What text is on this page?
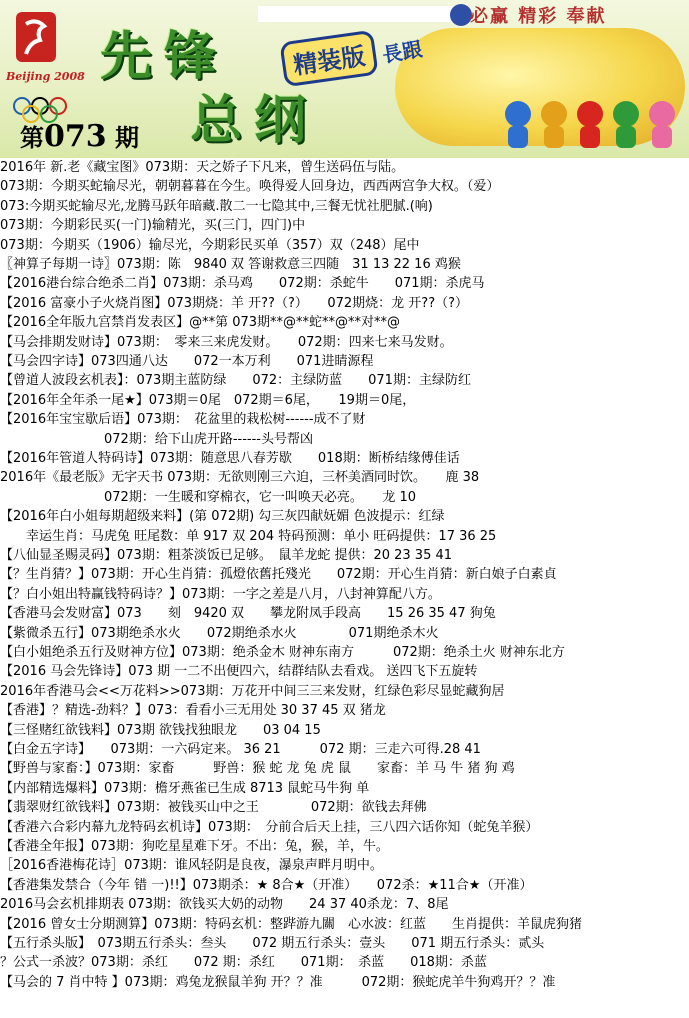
必赢 精彩 奉献
Beijing 2008 先锋
总纲
精装版
第073 期
長跟
2016年 新.老《藏宝图》073期：天之娇子下凡来，曾生送码伍与陆。
073期：今期买蛇输尽光，朝朝暮暮在今生。唤得爱人回身边，西西两宫争大权。（爱）
073:今期买蛇输尽光,龙腾马跃年暗藏.散二一七隐其中,三餐无忧社肥腻.(响)
073期：今期彩民买(一门)输精光，买(三门，四门)中
073期：今期买（1906）输尽光，今期彩民买单（357）双（248）尾中
〖神算子每期一诗〗073期：陈　9840 双 答谢救意三四随　31 13 22 16 鸡猴
【2016港台综合绝杀二肖】073期：杀马鸡　　072期：杀蛇牛　　071期：杀虎马
【2016 富豪小子火烧肖图】073期烧：羊 开??（?）　　072期烧：龙 开??（?）
【2016全年版九宫禁肖发表区】@**第 073期**@**蛇**@**对**@
【马会排期发财诗】073期：　零来三来虎发财。　　072期：四来七来马发财。
【马会四字诗】073四通八达　　072一本万利　　071进睛源程
【曾道人波段玄机表】：073期主蓝防绿　　072：主绿防蓝　　071期：主绿防红
【2016年全年杀一尾★】073期＝0尾　072期＝6尾，　　19期＝0尾，
【2016年宝宝歇后语】073期：　花盆里的栽松树------成不了财
　　　　　　　　072期：给下山虎开路------头号帮凶
【2016年管道人特码诗】073期：随意思八春芳歇　　018期：断桥结缘傅佳话
2016年《最老版》无字天书 073期：无欲则刚三六迫，三杯美酒同时饮。　　鹿 38
　　　　　　　　072期：一生暖和穿棉衣，它一叫唤天必亮。　　龙 10
【2016年白小姐每期超级来料】(第 072期) 勾三灰四献妩媚 色波提示：红绿
　　幸运生肖：马虎兔 旺尾数：单 917 双 204 特码预测：单小 旺码提供：17 36 25
【八仙显圣赐灵码】073期：粗茶淡饭已足够。　鼠羊龙蛇 提供：20 23 35 41
【？生肖猜？】073期：开心生肖猜：孤燈依舊托殘光　　072期：开心生肖猜：新白娘子白素貞
【？白小姐出特赢钱特码诗？】073期：一字之差是八月，八封神算配八方。
【香港马会发财富】073　　刻　9420 双　　攀龙附凤手段高　　15 26 35 47 狗兔
【紫微杀五行】073期绝杀水火　　072期绝杀水火　　　　071期绝杀木火
【白小姐绝杀五行及财神方位】073期：绝杀金木 财神东南方　　　072期：绝杀土火 财神东北方
【2016 马会先锋诗】073 期 一二不出便四六，结群结队去看戏。 送四飞下五旋转
2016年香港马会<<万花料>>073期：万花开中间三三来发财，红绿色彩尽显蛇藏狗居
【香港】？精选-劲料？】073：看看小三无用处 30 37 45 双 猪龙
【三怪赌红欲钱料】073期 欲钱找独眼龙　　03 04 15
【白金五字诗】　　073期：一六码定来。 36 21　　　072 期：三走六可得.28 41
【野兽与家畜：】073期：家畜　　　野兽：猴 蛇 龙 兔 虎 鼠　　家畜：羊 马 牛 猪 狗 鸡
【内部精选爆料】073期：檐牙燕雀已生成 8713 鼠蛇马牛狗 单
【翡翠财红欲钱料】073期：被钱买山中之王　　　　072期：欲钱去拜佛
【香港六合彩内幕九龙特码玄机诗】073期：　分前合后天上挂，三八四六话你知（蛇兔羊猴）
【香港全年报】073期：狗吃星星难下牙。不出：兔，猴，羊，牛。
［2016香港梅花诗］073期：谁风轻阴是良夜，瀑泉声畔月明中。
【香港集发禁合（今年 错 一)!!】073期杀：★ 8合★（开准）　　072杀：★11合★（开准）
2016马会玄机排期表 073期：欲钱买大奶的动物　　24 37 40杀龙：7、8尾
【2016 曾女士分期测算】073期：特码玄机：整跸游九關　心水波：红蓝　　生肖提供：羊鼠虎狗猪
【五行杀头版】　073期五行杀头：叁头　　072 期五行杀头：壹头　　071 期五行杀头：贰头
？公式一杀波？073期：杀红　　072 期：杀红　　071期：　杀蓝　　018期：杀蓝
【马会的 7 肖中特 】073期：鸡兔龙猴鼠羊狗 开？？准　　　072期：猴蛇虎羊牛狗鸡开？？准
